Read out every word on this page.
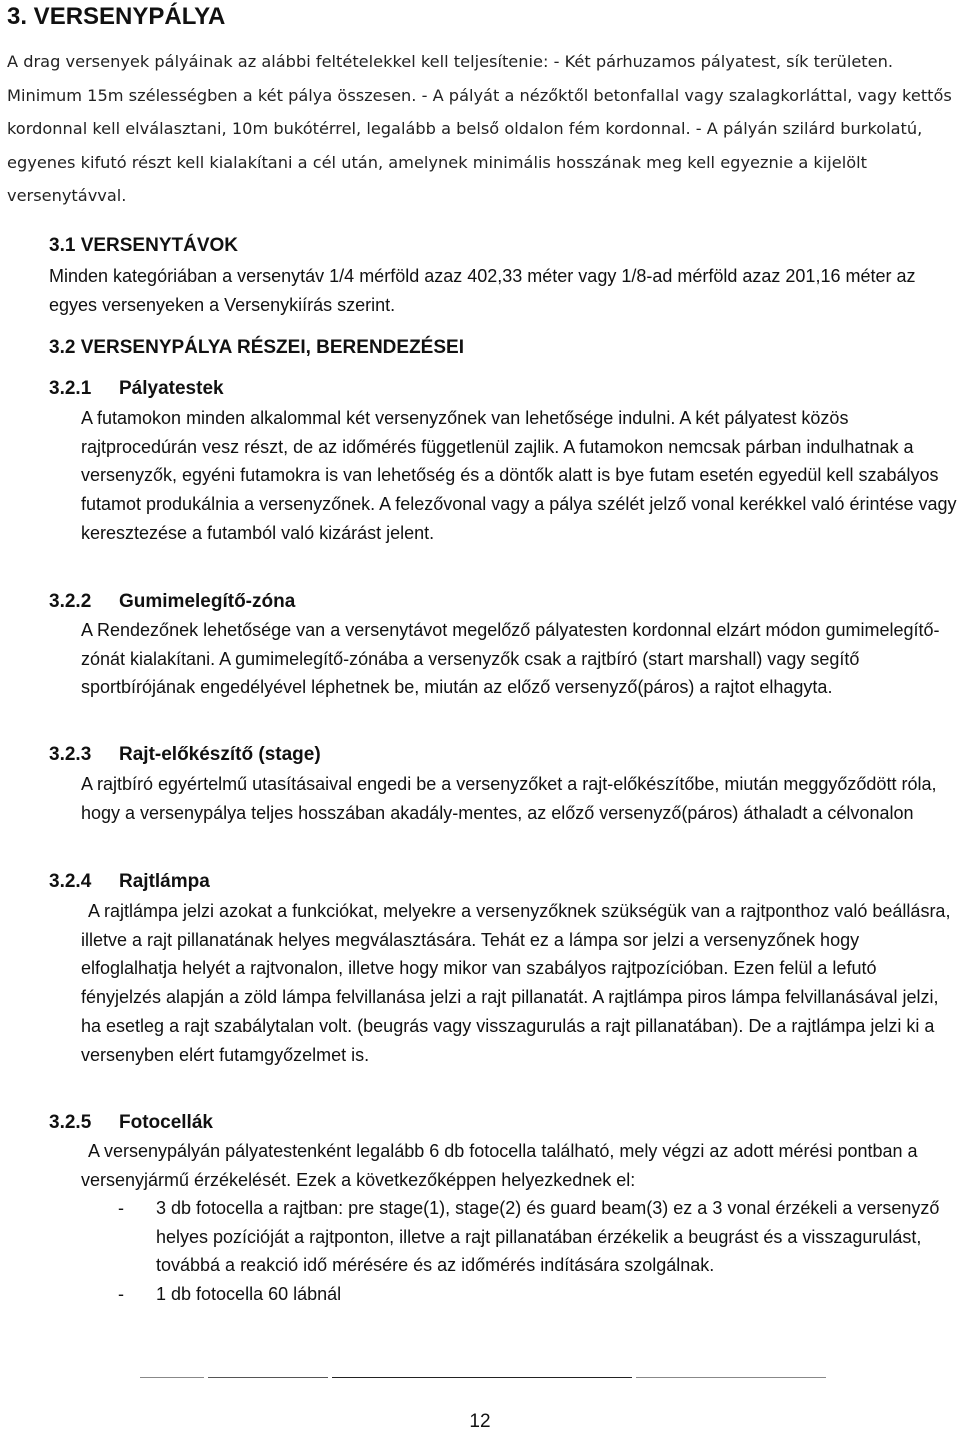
3. VERSENYPÁLYA

A drag versenyek pályáinak az alábbi feltételekkel kell teljesítenie: - Két párhuzamos pályatest, sík területen. Minimum 15m szélességben a két pálya összesen. - A pályát a nézőktől betonfallal vagy szalagkorláttal, vagy kettős kordonnal kell elválasztani, 10m bukótérrel, legalább a belső oldalon fém kordonnal. - A pályán szilárd burkolatú, egyenes kifutó részt kell kialakítani a cél után, amelynek minimális hosszának meg kell egyeznie a kijelölt versenytávval.

3.1 VERSENYTÁVOK

Minden kategóriában a versenytáv 1/4 mérföld azaz 402,33 méter vagy 1/8-ad mérföld azaz 201,16 méter az egyes versenyeken a Versenykiírás szerint.

3.2 VERSENYPÁLYA RÉSZEI, BERENDEZÉSEI
3.2.1 Pályatestek

A futamokon minden alkalommal két versenyzőnek van lehetősége indulni. A két pályatest közös rajtprocedúrán vesz részt, de az időmérés függetlenül zajlik. A futamokon nemcsak párban indulhatnak a versenyzők, egyéni futamokra is van lehetőség és a döntők alatt is bye futam esetén egyedül kell szabályos futamot produkálnia a versenyzőnek. A felezővonal vagy a pálya szélét jelző vonal kerékkel való érintése vagy keresztezése a futamból való kizárást jelent.

3.2.2 Gumimelegítő-zóna

A Rendezőnek lehetősége van a versenytávot megelőző pályatesten kordonnal elzárt módon gumimelegítő-zónát kialakítani. A gumimelegítő-zónába a versenyzők csak a rajtbíró (start marshall) vagy segítő sportbírójának engedélyével léphetnek be, miután az előző versenyző(páros) a rajtot elhagyta.

3.2.3 Rajt-előkészítő (stage)

A rajtbíró egyértelmű utasításaival engedi be a versenyzőket a rajt-előkészítőbe, miután meggyőződött róla, hogy a versenypálya teljes hosszában akadály-mentes, az előző versenyző(páros) áthaladt a célvonalon

3.2.4 Rajtlámpa

A rajtlámpa jelzi azokat a funkciókat, melyekre a versenyzőknek szükségük van a rajtponthoz való beállásra, illetve a rajt pillanatának helyes megválasztására. Tehát ez a lámpa sor jelzi a versenyzőnek hogy elfoglalhatja helyét a rajtvonalon, illetve hogy mikor van szabályos rajtpozícióban. Ezen felül a lefutó fényjelzés alapján a zöld lámpa felvillanása jelzi a rajt pillanatát. A rajtlámpa piros lámpa felvillanásával jelzi, ha esetleg a rajt szabálytalan volt. (beugrás vagy visszagurulás a rajt pillanatában). De a rajtlámpa jelzi ki a versenyben elért futamgyőzelmet is.

3.2.5 Fotocellák

A versenypályán pályatestenként legalább 6 db fotocella található, mely végzi az adott mérési pontban a versenyjármű érzékelését. Ezek a következőképpen helyezkednek el:

- 3 db fotocella a rajtban: pre stage(1), stage(2) és guard beam(3) ez a 3 vonal érzékeli a versenyző helyes pozícióját a rajtponton, illetve a rajt pillanatában érzékelik a beugrást és a visszagurulást, továbbá a reakció idő mérésére és az időmérés indítására szolgálnak.
- 1 db fotocella 60 lábnál
12
